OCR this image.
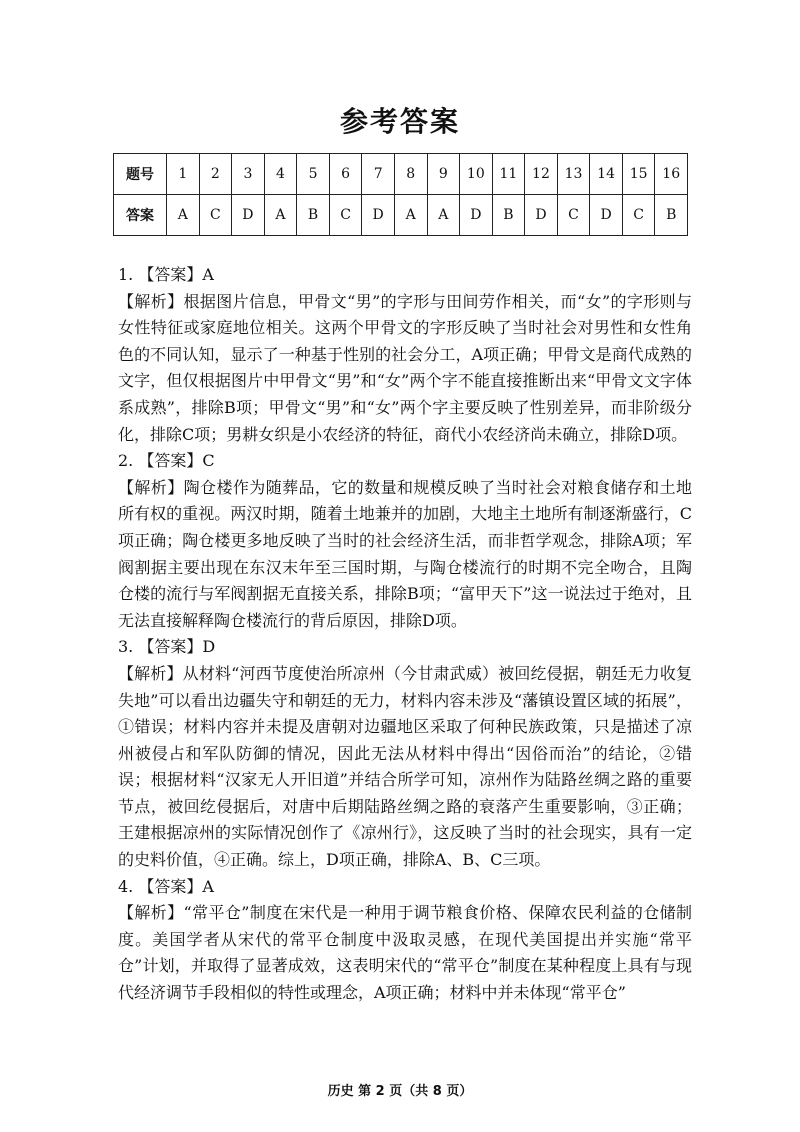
参考答案
题号	1	2	3	4	5	6	7	8	9	10	11	12	13	14	15	16
答案	A	C	D	A	B	C	D	A	A	D	B	D	C	D	C	B

1. 【答案】A

【解析】根据图片信息，甲骨文“男”的字形与田间劳作相关，而“女”的字形则与女性特征或家庭地位相关。这两个甲骨文的字形反映了当时社会对男性和女性角色的不同认知，显示了一种基于性别的社会分工，A项正确；甲骨文是商代成熟的文字，但仅根据图片中甲骨文“男”和“女”两个字不能直接推断出来“甲骨文文字体系成熟”，排除B项；甲骨文“男”和“女”两个字主要反映了性别差异，而非阶级分化，排除C项；男耕女织是小农经济的特征，商代小农经济尚未确立，排除D项。

2. 【答案】C

【解析】陶仓楼作为随葬品，它的数量和规模反映了当时社会对粮食储存和土地所有权的重视。两汉时期，随着土地兼并的加剧，大地主土地所有制逐渐盛行，C项正确；陶仓楼更多地反映了当时的社会经济生活，而非哲学观念，排除A项；军阀割据主要出现在东汉末年至三国时期，与陶仓楼流行的时期不完全吻合，且陶仓楼的流行与军阀割据无直接关系，排除B项；“富甲天下”这一说法过于绝对，且无法直接解释陶仓楼流行的背后原因，排除D项。

3. 【答案】D

【解析】从材料“河西节度使治所凉州（今甘肃武威）被回纥侵据，朝廷无力收复失地”可以看出边疆失守和朝廷的无力，材料内容未涉及“藩镇设置区域的拓展”，①错误；材料内容并未提及唐朝对边疆地区采取了何种民族政策，只是描述了凉州被侵占和军队防御的情况，因此无法从材料中得出“因俗而治”的结论，②错误；根据材料“汉家无人开旧道”并结合所学可知，凉州作为陆路丝绸之路的重要节点，被回纥侵据后，对唐中后期陆路丝绸之路的衰落产生重要影响，③正确；王建根据凉州的实际情况创作了《凉州行》，这反映了当时的社会现实，具有一定的史料价值，④正确。综上，D项正确，排除A、B、C三项。

4. 【答案】A

【解析】“常平仓”制度在宋代是一种用于调节粮食价格、保障农民利益的仓储制度。美国学者从宋代的常平仓制度中汲取灵感，在现代美国提出并实施“常平仓”计划，并取得了显著成效，这表明宋代的“常平仓”制度在某种程度上具有与现代经济调节手段相似的特性或理念，A项正确；材料中并未体现“常平仓”

历史 第 2 页（共 8 页）
